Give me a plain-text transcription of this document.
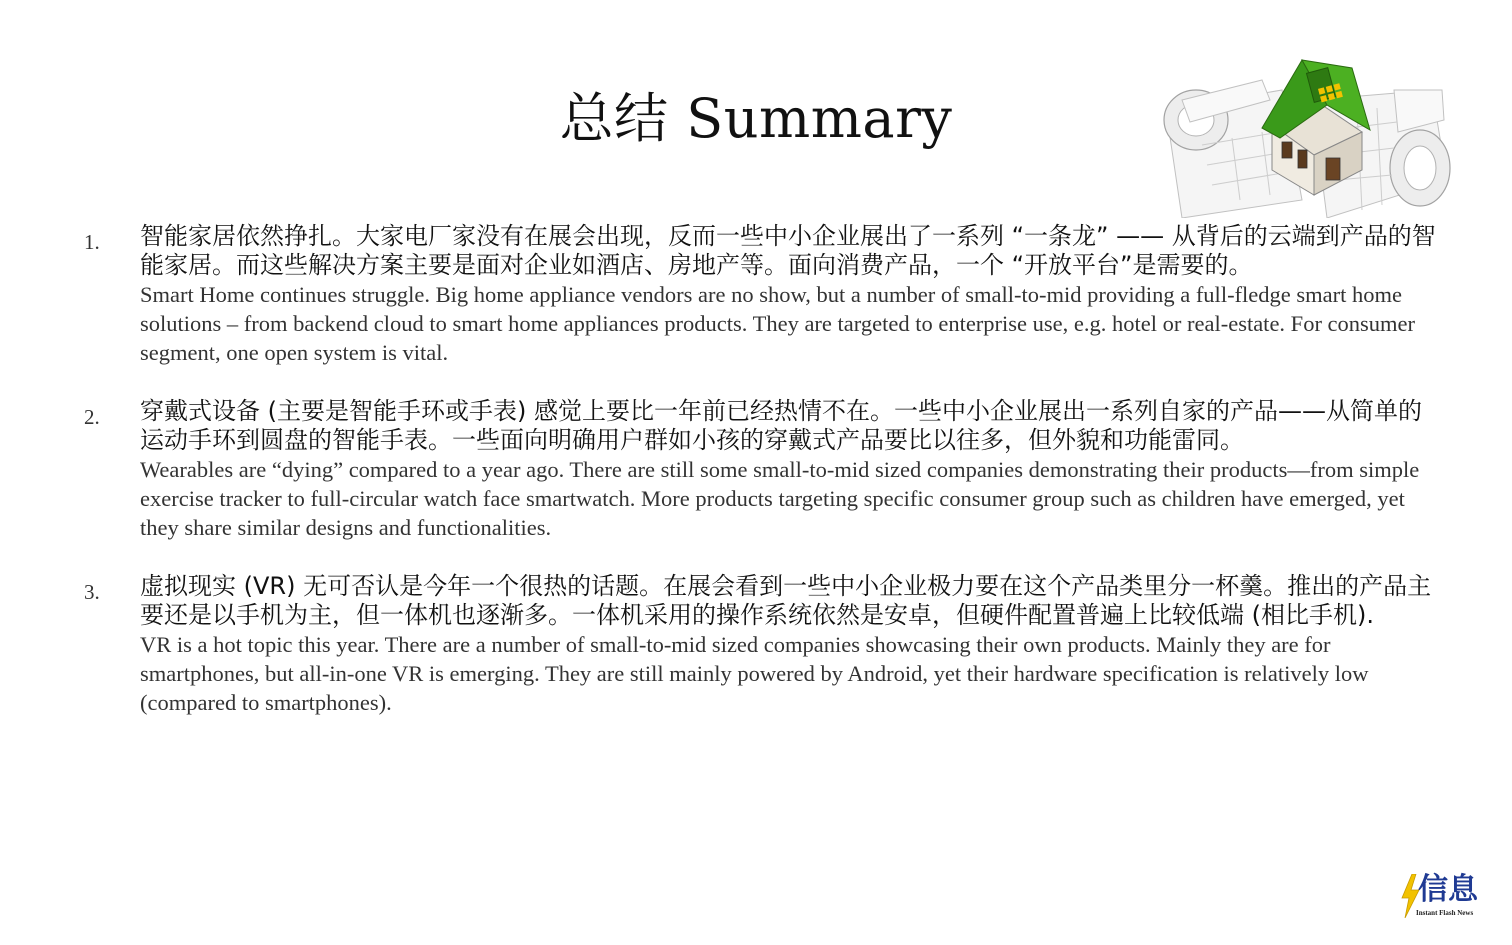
总结 Summary
1.	智能家居依然挣扎。大家电厂家没有在展会出现，反而一些中小企业展出了一系列 “一条龙” —— 从背后的云端到产品的智能家居。而这些解决方案主要是面对企业如酒店、房地产等。面向消费产品，一个 “开放平台”是需要的。

Smart Home continues struggle. Big home appliance vendors are no show, but a number of small-to-mid providing a full-fledge smart home solutions – from backend cloud to smart home appliances products. They are targeted to enterprise use, e.g. hotel or real-estate. For consumer segment, one open system is vital.

2.	穿戴式设备 (主要是智能手环或手表) 感觉上要比一年前已经热情不在。一些中小企业展出一系列自家的产品——从简单的运动手环到圆盘的智能手表。一些面向明确用户群如小孩的穿戴式产品要比以往多，但外貌和功能雷同。

Wearables are “dying” compared to a year ago. There are still some small-to-mid sized companies demonstrating their products—from simple exercise tracker to full-circular watch face smartwatch. More products targeting specific consumer group such as children have emerged, yet they share similar designs and functionalities.

3.	虚拟现实 (VR) 无可否认是今年一个很热的话题。在展会看到一些中小企业极力要在这个产品类里分一杯羹。推出的产品主要还是以手机为主，但一体机也逐渐多。一体机采用的操作系统依然是安卓，但硬件配置普遍上比较低端 (相比手机).

VR is a hot topic this year. There are a number of small-to-mid sized companies showcasing their own products. Mainly they are for smartphones, but all-in-one VR is emerging. They are still mainly powered by Android, yet their hardware specification is relatively low (compared to smartphones).

信息
Instant Flash News
